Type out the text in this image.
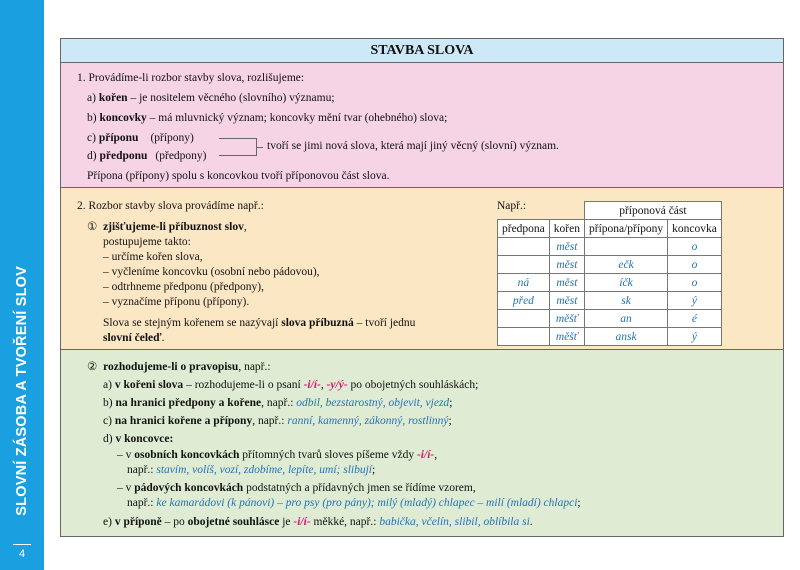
SLOVNÍ ZÁSOBA A TVOŘENÍ SLOV
4
STAVBA SLOVA
1. Provádíme-li rozbor stavby slova, rozlišujeme:
a) kořen – je nositelem věcného (slovního) významu;
b) koncovky – má mluvnický význam; koncovky mění tvar (ohebného) slova;
c) příponu (přípony)
d) předponu (předpony)
tvoří se jimi nová slova, která mají jiný věcný (slovní) význam.
Přípona (přípony) spolu s koncovkou tvoří příponovou část slova.
2. Rozbor stavby slova provádíme např.:
① zjišťujeme-li příbuznost slov,
postupujeme takto:
– určíme kořen slova,
– vyčleníme koncovku (osobní nebo pádovou),
– odtrhneme předponu (předpony),
– vyznačíme příponu (přípony).
Slova se stejným kořenem se nazývají slova příbuzná – tvoří jednu
slovní čeleď.
Např.:
		příponová část	
předpona	kořen	přípona/přípony	koncovka
	měst		o
	měst	ečk	o
ná	měst	íčk	o
před	měst	sk	ý
	měšť	an	é
	měšť	ansk	ý
② rozhodujeme-li o pravopisu, např.:
a) v kořeni slova – rozhodujeme-li o psaní -i/í-, -y/ý- po obojetných souhláskách;
b) na hranici předpony a kořene, např.: odbil, bezstarostný, objevit, vjezd;
c) na hranici kořene a přípony, např.: ranní, kamenný, zákonný, rostlinný;
d) v koncovce:
– v osobních koncovkách přítomných tvarů sloves píšeme vždy -i/í-,
např.: stavím, volíš, vozí, zdobíme, lepíte, umí; slibují;
– v pádových koncovkách podstatných a přídavných jmen se řídíme vzorem,
např.: ke kamarádovi (k pánovi) – pro psy (pro pány); milý (mladý) chlapec – milí (mladí) chlapci;
e) v příponě – po obojetné souhlásce je -i/í- měkké, např.: babička, včelín, slibil, oblíbila si.
